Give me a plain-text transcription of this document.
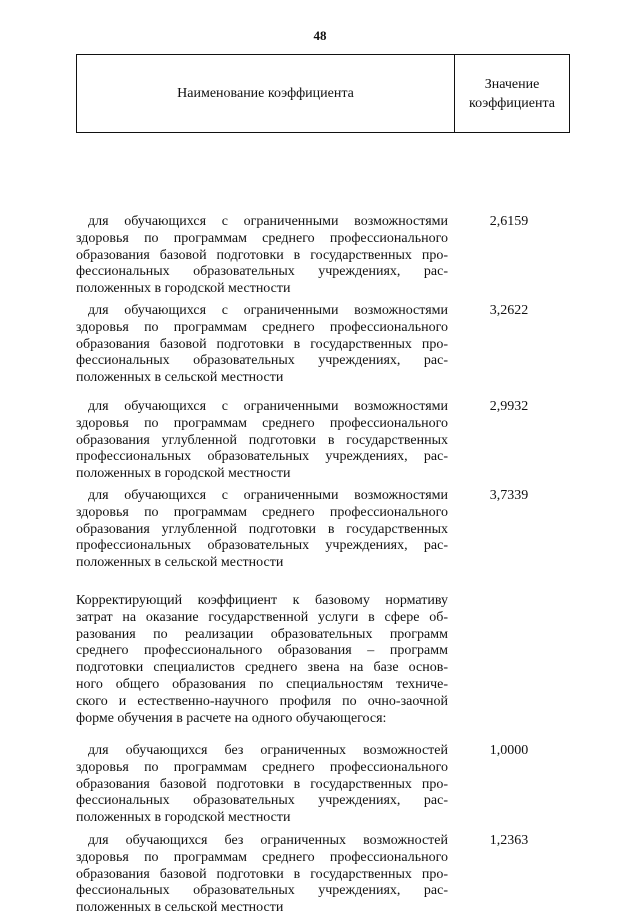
48
Наименование коэффициента
Значение
коэффициента
для обучающихся с ограниченными возможностями
здоровья по программам среднего профессионального
образования базовой подготовки в государственных про-
фессиональных образовательных учреждениях, рас-
положенных в городской местности
2,6159
для обучающихся с ограниченными возможностями
здоровья по программам среднего профессионального
образования базовой подготовки в государственных про-
фессиональных образовательных учреждениях, рас-
положенных в сельской местности
3,2622
для обучающихся с ограниченными возможностями
здоровья по программам среднего профессионального
образования углубленной подготовки в государственных
профессиональных образовательных учреждениях, рас-
положенных в городской местности
2,9932
для обучающихся с ограниченными возможностями
здоровья по программам среднего профессионального
образования углубленной подготовки в государственных
профессиональных образовательных учреждениях, рас-
положенных в сельской местности
3,7339
Корректирующий коэффициент к базовому нормативу
затрат на оказание государственной услуги в сфере об-
разования по реализации образовательных программ
среднего профессионального образования – программ
подготовки специалистов среднего звена на базе основ-
ного общего образования по специальностям техниче-
ского и естественно-научного профиля по очно-заочной
форме обучения в расчете на одного обучающегося:
для обучающихся без ограниченных возможностей
здоровья по программам среднего профессионального
образования базовой подготовки в государственных про-
фессиональных образовательных учреждениях, рас-
положенных в городской местности
1,0000
для обучающихся без ограниченных возможностей
здоровья по программам среднего профессионального
образования базовой подготовки в государственных про-
фессиональных образовательных учреждениях, рас-
положенных в сельской местности
1,2363
